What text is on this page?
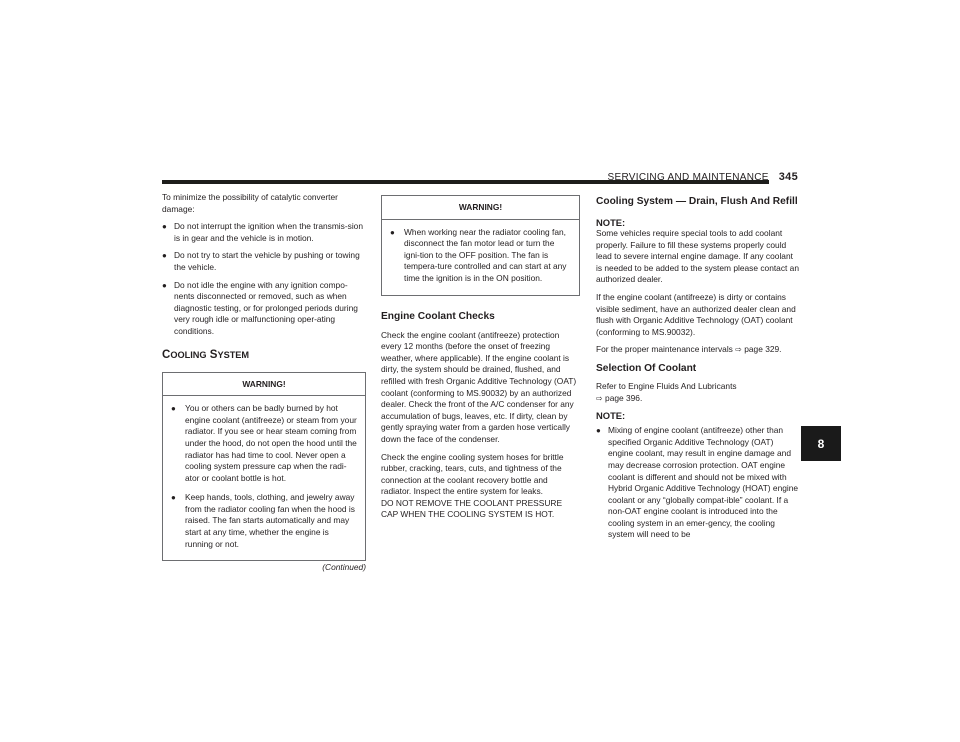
SERVICING AND MAINTENANCE 345

To minimize the possibility of catalytic converter damage:

● Do not interrupt the ignition when the transmis-sion is in gear and the vehicle is in motion.
● Do not try to start the vehicle by pushing or towing the vehicle.
● Do not idle the engine with any ignition compo-nents disconnected or removed, such as when diagnostic testing, or for prolonged periods during very rough idle or malfunctioning oper-ating conditions.
COOLING SYSTEM
WARNING!
● You or others can be badly burned by hot engine coolant (antifreeze) or steam from your radiator. If you see or hear steam coming from under the hood, do not open the hood until the radiator has had time to cool. Never open a cooling system pressure cap when the radi-ator or coolant bottle is hot.
● Keep hands, tools, clothing, and jewelry away from the radiator cooling fan when the hood is raised. The fan starts automatically and may start at any time, whether the engine is running or not.
(Continued)
WARNING!
● When working near the radiator cooling fan, disconnect the fan motor lead or turn the igni-tion to the OFF position. The fan is tempera-ture controlled and can start at any time the ignition is in the ON position.
Engine Coolant Checks

Check the engine coolant (antifreeze) protection every 12 months (before the onset of freezing weather, where applicable). If the engine coolant is dirty, the system should be drained, flushed, and refilled with fresh Organic Additive Technology (OAT) coolant (conforming to MS.90032) by an authorized dealer. Check the front of the A/C condenser for any accumulation of bugs, leaves, etc. If dirty, clean by gently spraying water from a garden hose vertically down the face of the condenser.

Check the engine cooling system hoses for brittle rubber, cracking, tears, cuts, and tightness of the connection at the coolant recovery bottle and radiator. Inspect the entire system for leaks.

DO NOT REMOVE THE COOLANT PRESSURE CAP WHEN THE COOLING SYSTEM IS HOT.

Cooling System — Drain, Flush And Refill
NOTE:

Some vehicles require special tools to add coolant properly. Failure to fill these systems properly could lead to severe internal engine damage. If any coolant is needed to be added to the system please contact an authorized dealer.

If the engine coolant (antifreeze) is dirty or contains visible sediment, have an authorized dealer clean and flush with Organic Additive Technology (OAT) coolant (conforming to MS.90032).

For the proper maintenance intervals ⇨ page 329.

Selection Of Coolant

Refer to Engine Fluids And Lubricants
⇨ page 396.

NOTE:
● Mixing of engine coolant (antifreeze) other than specified Organic Additive Technology (OAT) engine coolant, may result in engine damage and may decrease corrosion protection. OAT engine coolant is different and should not be mixed with Hybrid Organic Additive Technology (HOAT) engine coolant or any “globally compat-ible” coolant. If a non-OAT engine coolant is introduced into the cooling system in an emer-gency, the cooling system will need to be
8
